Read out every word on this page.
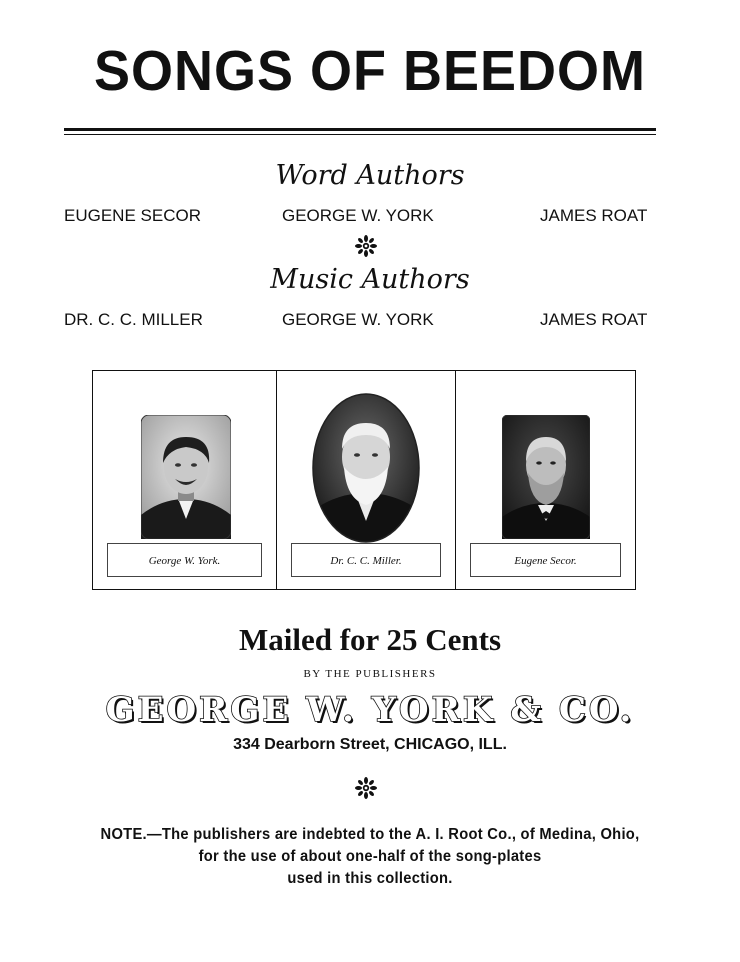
SONGS OF BEEDOM
Word Authors
EUGENE SECOR	GEORGE W. YORK	JAMES ROAT
Music Authors
DR. C. C. MILLER	GEORGE W. YORK	JAMES ROAT
George W. York.	Dr. C. C. Miller.	Eugene Secor.
Mailed for 25 Cents
BY THE PUBLISHERS
GEORGE W. YORK & CO.
334 Dearborn Street, CHICAGO, ILL.
NOTE.—The publishers are indebted to the A. I. Root Co., of Medina, Ohio,
for the use of about one-half of the song-plates
used in this collection.
